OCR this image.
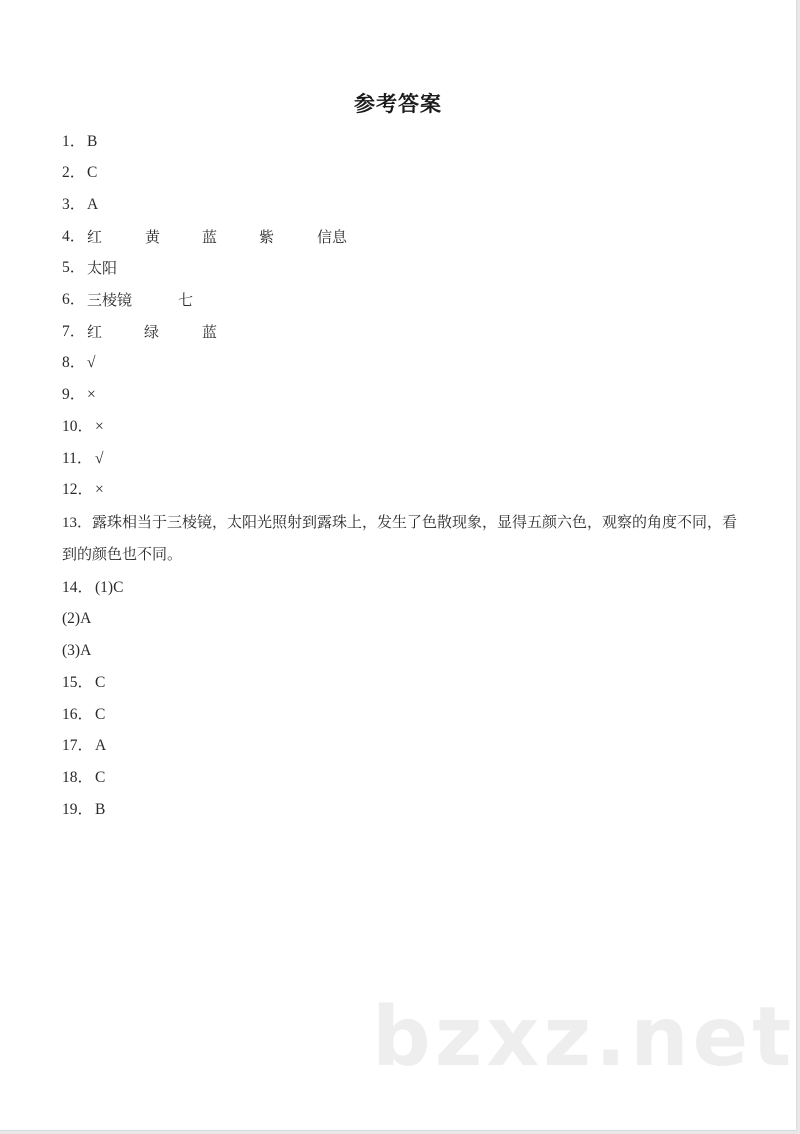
参考答案
1． B
2． C
3． A
4． 红	黄	蓝	紫	信息
5． 太阳
6． 三棱镜	七
7． 红	绿	蓝
8． √
9． ×
10． ×
11． √
12． ×
13．露珠相当于三棱镜，太阳光照射到露珠上，发生了色散现象，显得五颜六色，观察的角度不同，看到的颜色也不同。
14． (1)C
(2)A
(3)A
15． C
16． C
17． A
18． C
19． B
bzxz.net
